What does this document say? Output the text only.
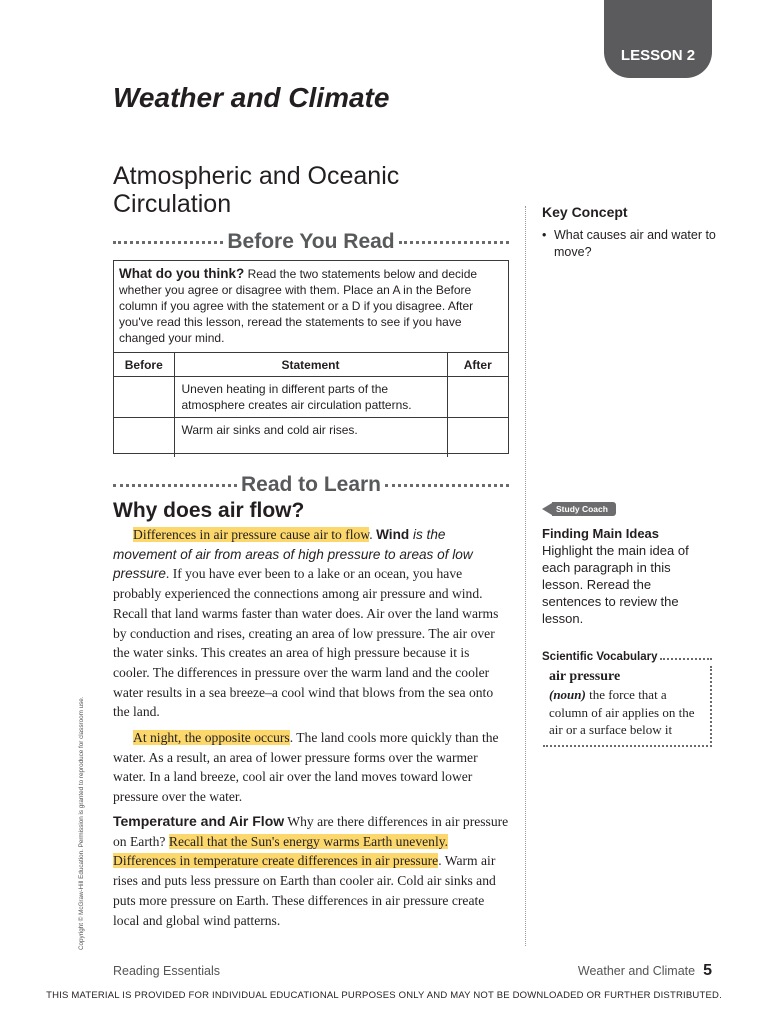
LESSON 2
Weather and Climate
Atmospheric and Oceanic Circulation
Before You Read
What do you think? Read the two statements below and decide whether you agree or disagree with them. Place an A in the Before column if you agree with the statement or a D if you disagree. After you've read this lesson, reread the statements to see if you have changed your mind.
Before	Statement	After
	Uneven heating in different parts of the atmosphere creates air circulation patterns.	
	Warm air sinks and cold air rises.	
Read to Learn
Why does air flow?
Differences in air pressure cause air to flow. Wind is the movement of air from areas of high pressure to areas of low pressure. If you have ever been to a lake or an ocean, you have probably experienced the connections among air pressure and wind. Recall that land warms faster than water does. Air over the land warms by conduction and rises, creating an area of low pressure. The air over the water sinks. This creates an area of high pressure because it is cooler. The differences in pressure over the warm land and the cooler water results in a sea breeze–a cool wind that blows from the sea onto the land.
At night, the opposite occurs. The land cools more quickly than the water. As a result, an area of lower pressure forms over the warmer water. In a land breeze, cool air over the land moves toward lower pressure over the water.
Temperature and Air Flow Why are there differences in air pressure on Earth? Recall that the Sun's energy warms Earth unevenly. Differences in temperature create differences in air pressure. Warm air rises and puts less pressure on Earth than cooler air. Cold air sinks and puts more pressure on Earth. These differences in air pressure create local and global wind patterns.
Key Concept
• What causes air and water to move?
Study Coach
Finding Main Ideas
Highlight the main idea of each paragraph in this lesson. Reread the sentences to review the lesson.
Scientific Vocabulary
air pressure
(noun) the force that a column of air applies on the air or a surface below it
Copyright © McGraw-Hill Education. Permission is granted to reproduce for classroom use.
Reading Essentials	Weather and Climate 5
THIS MATERIAL IS PROVIDED FOR INDIVIDUAL EDUCATIONAL PURPOSES ONLY AND MAY NOT BE DOWNLOADED OR FURTHER DISTRIBUTED.
